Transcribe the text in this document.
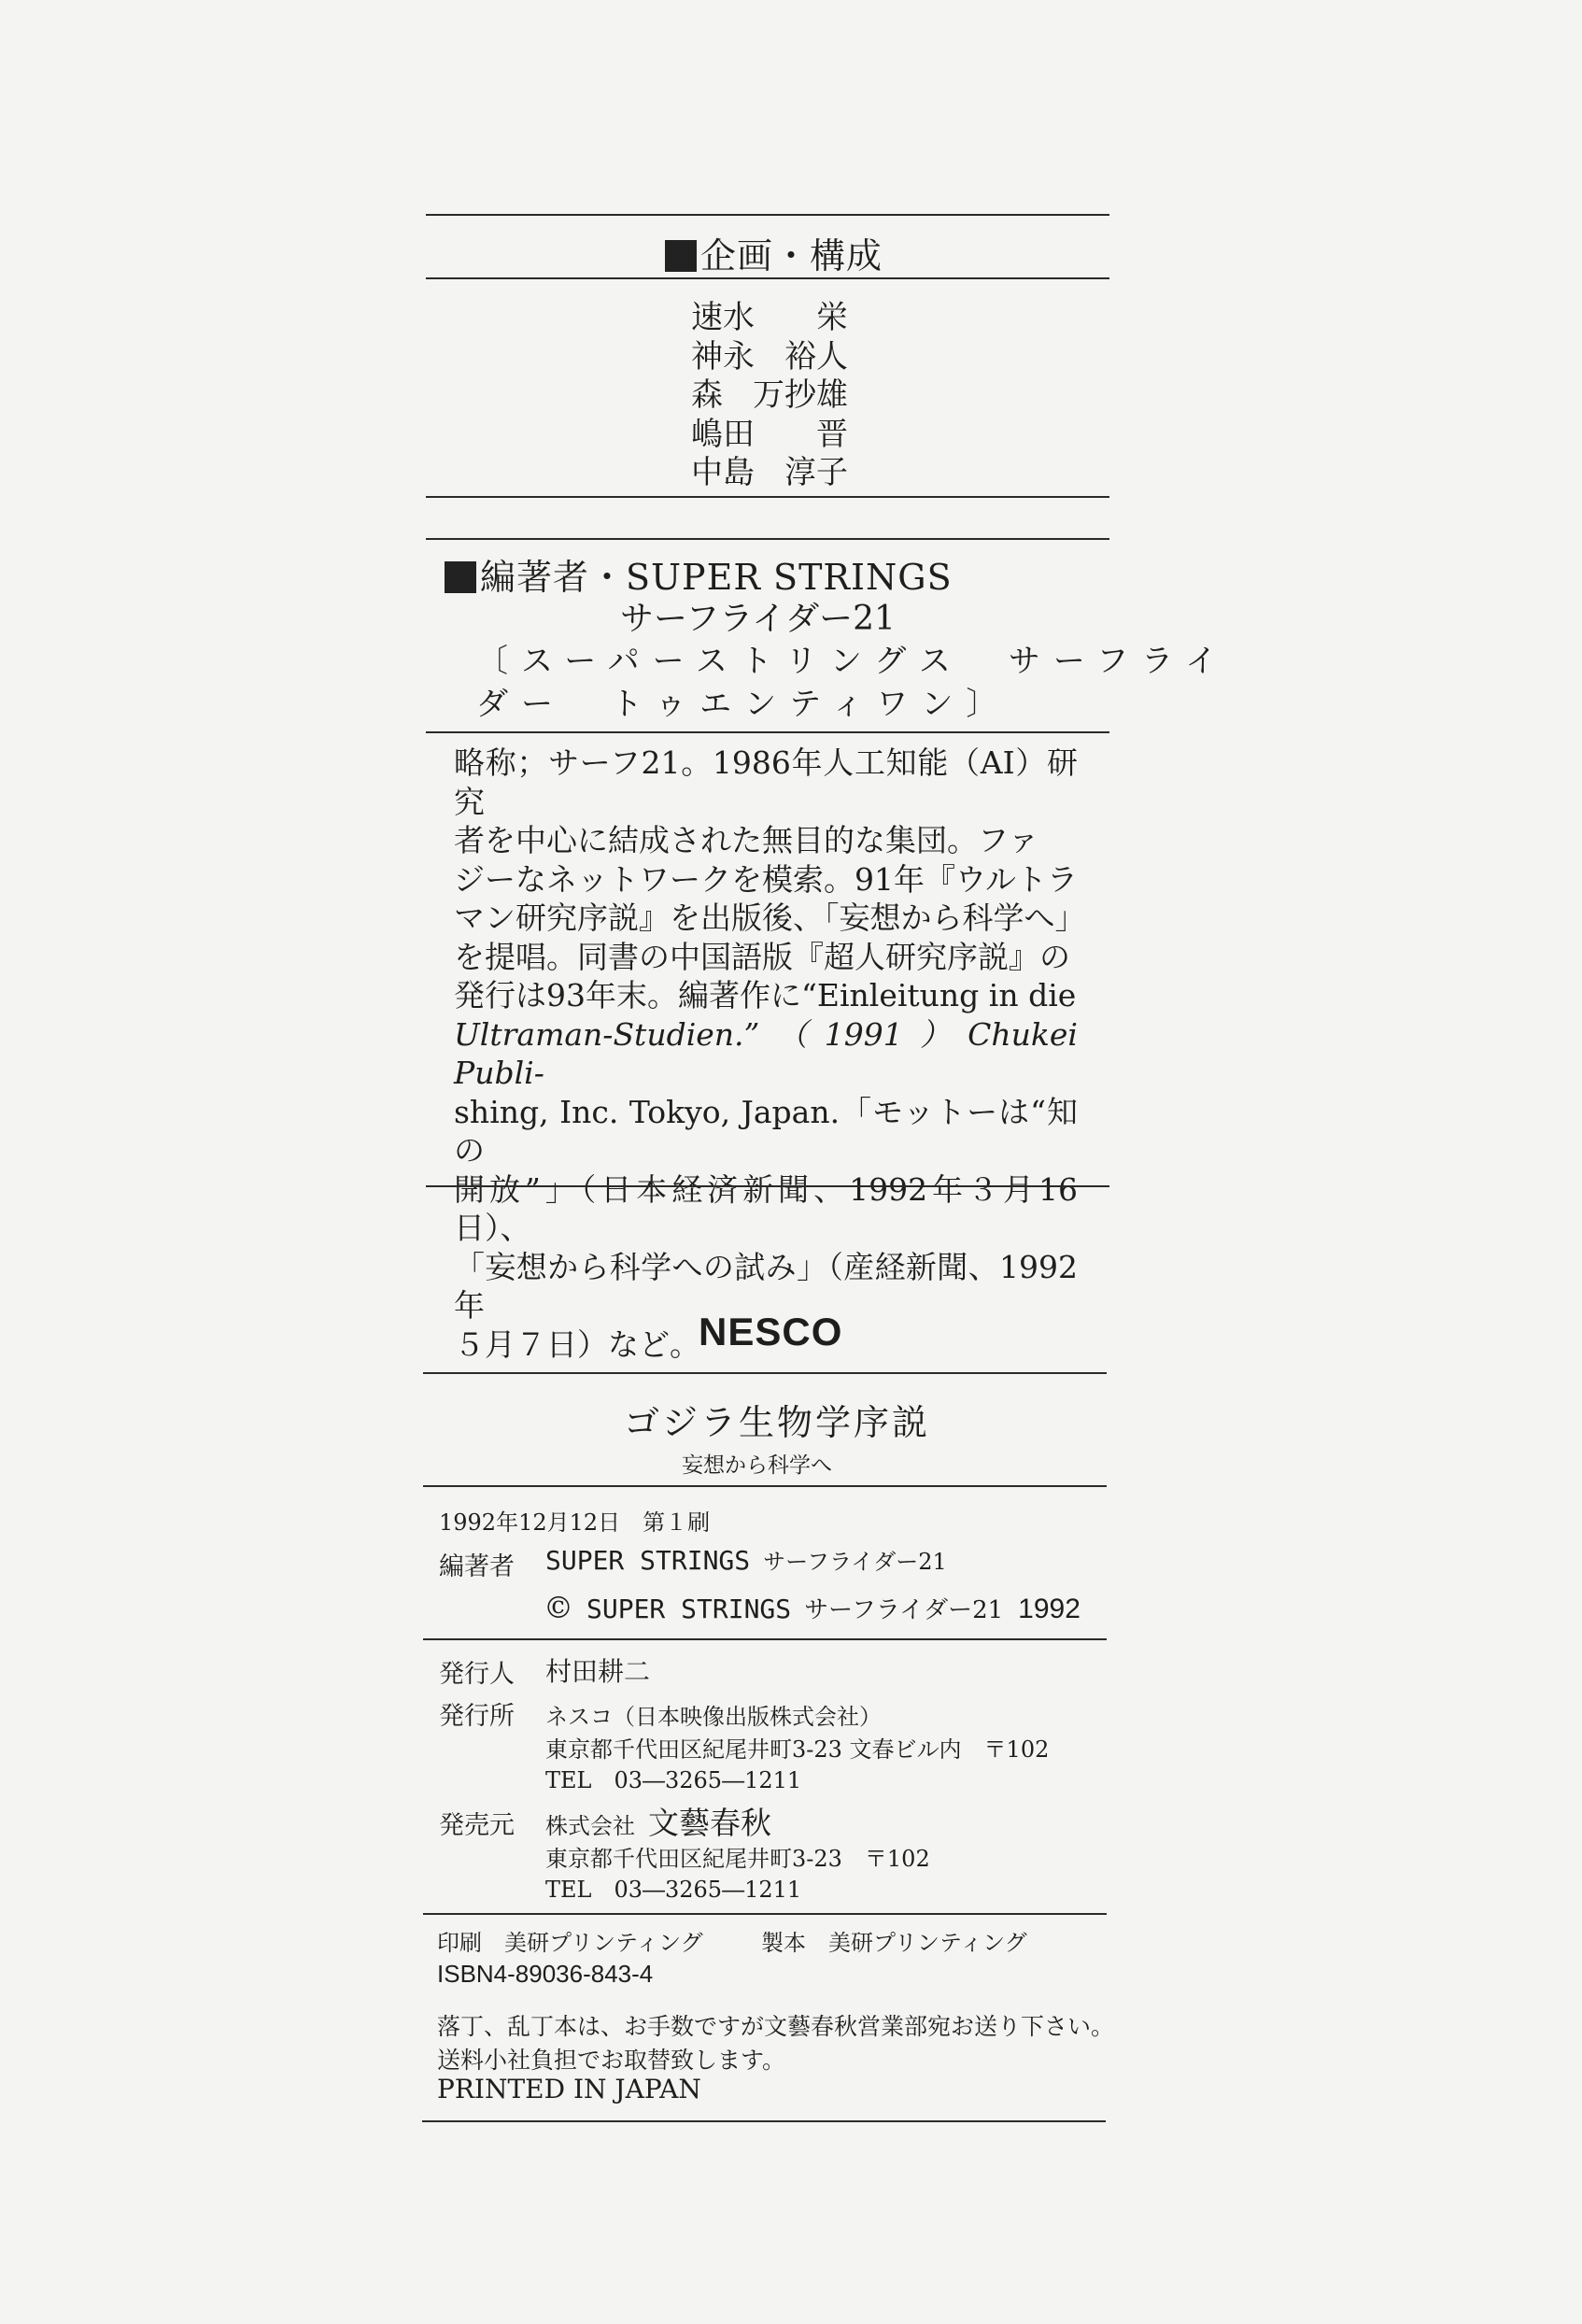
企画・構成
速水 栄
神永 裕人
森 万抄雄
嶋田 晋
中島 淳子
編著者・SUPER STRINGS
サーフライダー21
〔スーパーストリングス　サーフライ
ダー　トゥエンティワン〕

略称；サーフ21。1986年人工知能（AI）研究

者を中心に結成された無目的な集団。ファ

ジーなネットワークを模索。91年『ウルトラ

マン研究序説』を出版後、「妄想から科学へ」

を提唱。同書の中国語版『超人研究序説』の

発行は93年末。編著作に“Einleitung in die

Ultraman-Studien.”（1991）Chukei Publi-

shing, Inc. Tokyo, Japan.「モットーは“知の

開放”」（日本経済新聞、1992年３月16日）、

「妄想から科学への試み」（産経新聞、1992年

５月７日）など。

NESCO
ゴジラ生物学序説
妄想から科学へ
1992年12月12日　第１刷
編著者 SUPER STRINGS サーフライダー21
© SUPER STRINGS サーフライダー21 1992
発行人 村田耕二
発行所 ネスコ（日本映像出版株式会社）
東京都千代田区紀尾井町3-23 文春ビル内　〒102
TEL　03―3265―1211
発売元 株式会社 文藝春秋
東京都千代田区紀尾井町3-23　〒102
TEL　03―3265―1211
印刷　美研プリンティング	製本　美研プリンティング
ISBN4-89036-843-4
落丁、乱丁本は、お手数ですが文藝春秋営業部宛お送り下さい。
送料小社負担でお取替致します。
PRINTED IN JAPAN
